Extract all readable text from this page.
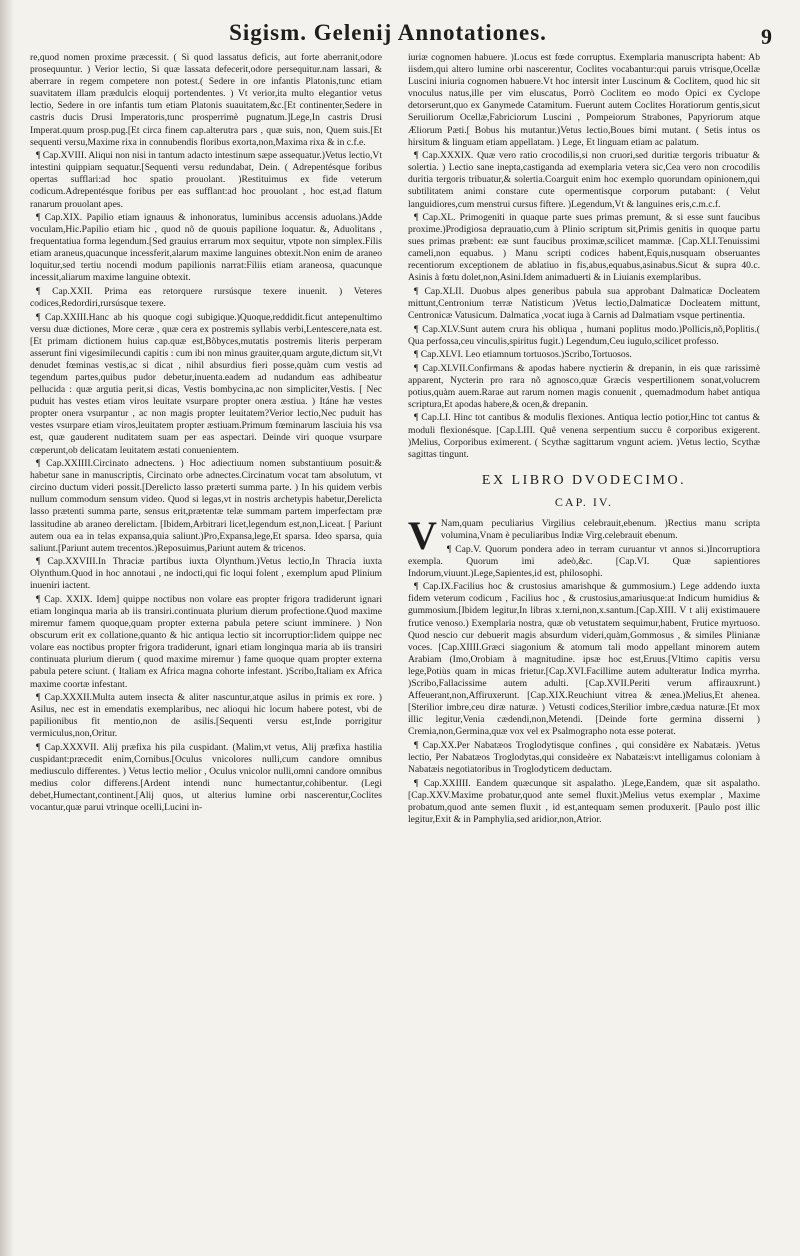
Sigism. Gelenij Annotationes.	9

re,quod nomen proxime præcessit. ( Si quod lassatus deficis, aut forte aberranit,odore prosequuntur. ) Verior lectio, Si quæ lassata defecerit,odore persequitur.nam lassari, & aberrare in regem competere non potest.( Sedere in ore infantis Platonis,tunc etiam suavitatem illam prædulcis eloquij portendentes. ) Vt verior,ita multo elegantior vetus lectio, Sedere in ore infantis tum etiam Platonis suauitatem,&c.[Et continenter,Sedere in castris ducis Drusi Imperatoris,tunc prosperrimè pugnatum.]Lege,In castris Drusi Imperat.quum prosp.pug.[Et circa finem cap.alterutra pars , quæ suis, non, Quem suis.[Et sequenti versu,Maxime rixa in connubendis floribus exorta,non,Maxima rixa & in c.f.e.

¶ Cap.XVIII. Aliqui non nisi in tantum adacto intestinum sæpe assequatur.)Vetus lectio,Vt intestini quippiam sequatur.[Sequenti versu redundabat, Dein. ( Adrepentésque foribus opertas sufflari:ad hoc spatio prouolant. )Restituimus ex fide veterum codicum.Adrepentésque foribus per eas sufflant:ad hoc prouolant , hoc est,ad flatum ranarum prouolant apes.

¶ Cap.XIX. Papilio etiam ignauus & inhonoratus, luminibus accensis aduolans.)Adde voculam,Hic.Papilio etiam hic , quod nõ de quouis papilione loquatur. &, Aduolitans , frequentatiua forma legendum.[Sed grauius errarum mox sequitur, vtpote non simplex.Filis etiam araneus,quacunque incessferit,alarum maxime languines obtexit.Non enim de araneo loquitur,sed tertiu nocendi modum papilionis narrat:Filiis etiam araneosa, quacunque incessit,aliarum maxime languine obtexit.

¶ Cap.XXII. Prima eas retorquere rursúsque texere inuenit. ) Veteres codices,Redordiri,rursúsque texere.

¶ Cap.XXIII.Hanc ab his quoque cogi subigique.)Quoque,reddidit.ficut antepenultimo versu duæ dictiones, More ceræ , quæ cera ex postremis syllabis verbi,Lentescere,nata est.[Et primam dictionem huius cap.quæ est,Bõbyces,mutatis postremis literis perperam asserunt fini vigesimilecundi capitis : cum ibi non minus grauiter,quam argute,dictum sit,Vt denudet fœminas vestis,ac si dicat , nihil absurdius fieri posse,quàm cum vestis ad tegendum partes,quibus pudor debetur,inuenta.eadem ad nudandum eas adhibeatur pellucida : quæ argutia perit,si dicas, Vestis bombycina,ac non simpliciter,Vestis. [ Nec puduit has vestes etiam viros leuitate vsurpare propter onera æstiua. ) Itáne hæ vestes propter onera vsurpantur , ac non magis propter leuitatem?Verior lectio,Nec puduit has vestes vsurpare etiam viros,leuitatem propter æstiuam.Primum fœminarum lasciuia his vsa est, quæ gauderent nuditatem suam per eas aspectari. Deinde viri quoque vsurpare cœperunt,ob delicatam leuitatem æstati conuenientem.

¶ Cap.XXIIII.Circinato adnectens. ) Hoc adiectiuum nomen substantiuum posuit:& habetur sane in manuscriptis, Circinato orbe adnectes.Circinatum vocat tam absolutum, vt circino ductum videri possit.[Derelicto lasso præterti summa parte. ) In his quidem verbis nullum commodum sensum video. Quod si legas,vt in nostris archetypis habetur,Derelicta lasso prætenti summa parte, sensus erit,prætentæ telæ summam partem imperfectam præ lassitudine ab araneo derelictam. [Ibidem,Arbitrari licet,legendum est,non,Liceat. [ Pariunt autem oua ea in telas expansa,quia saliunt.)Pro,Expansa,lege,Et sparsa. Ideo sparsa, quia saliunt.[Pariunt autem trecentos.)Reposuimus,Pariunt autem & tricenos.

¶ Cap.XXVIII.In Thraciæ partibus iuxta Olynthum.)Vetus lectio,In Thracia iuxta Olynthum.Quod in hoc annotaui , ne indocti,qui fic loqui folent , exemplum apud Plinium inueniri iactent.

¶ Cap. XXIX. Idem] quippe noctibus non volare eas propter frigora tradiderunt ignari etiam longinqua maria ab iis transiri.continuata plurium dierum profectione.Quod maxime miremur famem quoque,quam propter externa pabula petere sciunt imminere. ) Non obscurum erit ex collatione,quanto & hic antiqua lectio sit incorruptior:Iidem quippe nec volare eas noctibus propter frigora tradiderunt, ignari etiam longinqua maria ab iis transiri continuata plurium dierum ( quod maxime miremur ) fame quoque quam propter externa pabula petere sciunt. ( Italiam ex Africa magna cohorte infestant. )Scribo,Italiam ex Africa maxime coortæ infestant.

¶ Cap.XXXII.Multa autem insecta & aliter nascuntur,atque asilus in primis ex rore. ) Asilus, nec est in emendatis exemplaribus, nec alioqui hic locum habere potest, vbi de papilionibus fit mentio,non de asilis.[Sequenti versu est,Inde porrigitur vermiculus,non,Oritur.

¶ Cap.XXXVII. Alij præfixa his pila cuspidant. (Malim,vt vetus, Alij præfixa hastilia cuspidant:præcedit enim,Cornibus.[Oculus vnicolores nulli,cum candore omnibus mediusculo differentes. ) Vetus lectio melior , Oculus vnicolor nulli,omni candore omnibus medius color differens.[Ardent intendi nunc humectantur,cohibentur. (Legi debet,Humectant,continent.[Alij quos, ut alterius lumine orbi nascerentur,Coclites vocantur,quæ parui vtrinque ocelli,Lucini in-

iuriæ cognomen habuere. )Locus est fœde corruptus. Exemplaria manuscripta habent: Ab iisdem,qui altero lumine orbi nascerentur, Coclites vocabantur:qui paruis vtrisque,Ocellæ Luscini iniuria cognomen habuere.Vt hoc intersit inter Luscinum & Coclitem, quod hic sit vnoculus natus,ille per vim eluscatus, Porrò Coclitem eo modo Opici ex Cyclope detorserunt,quo ex Ganymede Catamitum. Fuerunt autem Coclites Horatiorum gentis,sicut Seruiliorum Ocellæ,Fabriciorum Luscini , Pompeiorum Strabones, Papyriorum atque Æliorum Pæti.[ Bobus his mutantur.)Vetus lectio,Boues bimi mutant. ( Setis intus os hirsitum & linguam etiam appellatam. ) Lege, Et linguam etiam ac palatum.

¶ Cap.XXXIX. Quæ vero ratio crocodilis,si non cruori,sed duritiæ tergoris tribuatur & solertia. ) Lectio sane inepta,castiganda ad exemplaria vetera sic,Cea vero non crocodilis duritia tergoris tribuatur,& solertia.Coarguit enim hoc exemplo quorundam opinionem,qui subtilitatem animi constare cute opermentisque corporum putabant: ( Velut languidiores,cum menstrui cursus fiftere. )Legendum,Vt & languines eris,c.m.c.f.

¶ Cap.XL. Primogeniti in quaque parte sues primas premunt, & si esse sunt faucibus proxime.)Prodigiosa deprauatio,cum à Plinio scriptum sit,Primis genitis in quoque partu sues primas præbent: eæ sunt faucibus proximæ,scilicet mammæ. [Cap.XLI.Tenuissimi cameli,non equabus. ) Manu scripti codices habent,Equis,nusquam obseruantes recentiorum exceptionem de ablatiuo in fis,abus,equabus,asinabus.Sicut & supra 40.c. Asinis à fœtu dolet,non,Asini.Idem animaduerti & in Liuianis exemplaribus.

¶ Cap.XLII. Duobus alpes generibus pabula sua approbant Dalmaticæ Docleatem mittunt,Centronium terræ Natisticum )Vetus lectio,Dalmaticæ Docleatem mittunt, Centronicæ Vatusicum. Dalmatica ,vocat iuga à Carnis ad Dalmatiam vsque pertinentia.

¶ Cap.XLV.Sunt autem crura his obliqua , humani poplitus modo.)Pollicis,nõ,Poplitis.( Qua perfossa,ceu vinculis,spiritus fugit.) Legendum,Ceu iugulo,scilicet professo.

¶ Cap.XLVI. Leo etiamnum tortuosos.)Scribo,Tortuosos.

¶ Cap.XLVII.Confirmans & apodas habere nyctierin & drepanin, in eis quæ rarissimè apparent, Nycterin pro rara nõ agnosco,quæ Græcis vespertilionem sonat,volucrem potius,quàm auem.Rarae aut rarum nomen magis conuenit , quemadmodum habet antiqua scriptura,Et apodas habere,& ocen,& drepanin.

¶ Cap.LI. Hinc tot cantibus & modulis flexiones. Antiqua lectio potior,Hinc tot cantus & moduli flexionésque. [Cap.LIII. Quê venena serpentium succu ê corporibus exigerent. )Melius, Corporibus eximerent. ( Scythæ sagittarum vngunt aciem. )Vetus lectio, Scythæ sagittas tingunt.

EX LIBRO DVODECIMO.
CAP. IV.

V Nam,quam peculiarius Virgilius celebrauit,ebenum. )Rectius manu scripta volumina,Vnam è peculiaribus Indiæ Virg.celebrauit ebenum.

¶ Cap.V. Quorum pondera adeo in terram curuantur vt annos si.)Incorruptiora exempla. Quorum imi adeò,&c. [Cap.VI. Quæ sapientiores Indorum,viuunt.)Lege,Sapientes,id est, philosophi.

¶ Cap.IX.Facilius hoc & crustosius amarishque & gummosium.) Lege addendo iuxta fidem veterum codicum , Facilius hoc , & crustosius,amariusque:at Indicum humidius & gummosium.[Ibidem legitur,In libras x.terni,non,x.santum.[Cap.XIII. V t alij existimauere frutice venoso.) Exemplaria nostra, quæ ob vetustatem sequimur,habent, Frutice myrtuoso. Quod nescio cur debuerit magis absurdum videri,quàm,Gommosus , & similes Plinianæ voces. [Cap.XIIII.Græci siagonium & atomum tali modo appellant minorem autem Arabiam (Imo,Orobiam à magnitudine. ipsæ hoc est,Eruus.[Vltimo capitis versu lege,Potiùs quam in micas frietur.[Cap.XVI.Facillime autem adulteratur Indica myrrha. )Scribo,Fallacissime autem adulti. [Cap.XVII.Periti verum affirauxrunt.) Affeuerant,non,Affiruxerunt. [Cap.XIX.Reuchiunt vitrea & ænea.)Melius,Et ahenea.[Sterilior imbre,ceu diræ naturæ. ) Vetusti codices,Sterilior imbre,cædua naturæ.[Et mox illic legitur,Venia cædendi,non,Metendi. [Deinde forte germina disserni ) Cremia,non,Germina,quæ vox vel ex Psalmographo nota esse poterat.

¶ Cap.XX.Per Nabatæos Troglodytisque confines , qui considère ex Nabatæis. )Vetus lectio, Per Nabatæos Troglodytas,qui consideère ex Nabatæis:vt intelligamus coloniam à Nabatæis negotiatoribus in Troglodyticem deductam.

¶ Cap.XXIIII. Eandem quæcunque sit aspalatho. )Lege,Eandem, quæ sit aspalatho. [Cap.XXV.Maxime probatur,quod ante semel fluxit.)Melius vetus exemplar , Maxime probatum,quod ante semen fluxit , id est,antequam semen produxerit. [Paulo post illic legitur,Exit & in Pamphylia,sed aridior,non,Atrior.
